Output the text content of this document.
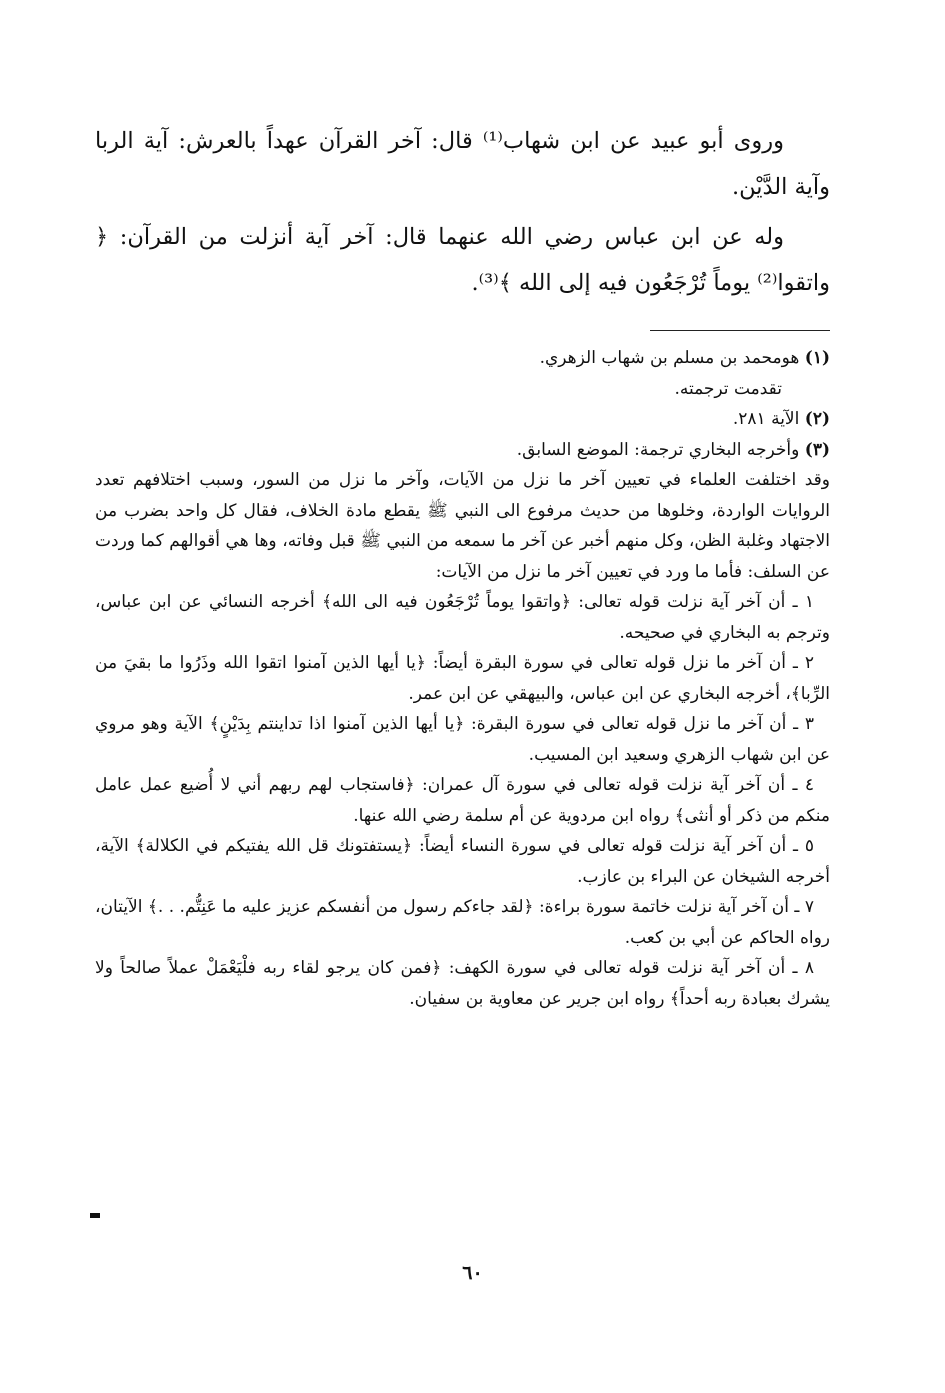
وروى أبو عبيد عن ابن شهاب⁽¹⁾ قال: آخر القرآن عهداً بالعرش: آية الربا وآية الدَّيْن.

وله عن ابن عباس رضي الله عنهما قال: آخر آية أنزلت من القرآن: ﴿ واتقوا⁽²⁾ يوماً تُرْجَعُون فيه إلى الله ﴾⁽³⁾.

(١) هومحمد بن مسلم بن شهاب الزهري.

تقدمت ترجمته.

(٢) الآية ٢٨١.

(٣) وأخرجه البخاري ترجمة: الموضع السابق.

وقد اختلفت العلماء في تعيين آخر ما نزل من الآيات، وآخر ما نزل من السور، وسبب اختلافهم تعدد الروايات الواردة، وخلوها من حديث مرفوع الى النبي ﷺ يقطع مادة الخلاف، فقال كل واحد بضرب من الاجتهاد وغلبة الظن، وكل منهم أخبر عن آخر ما سمعه من النبي ﷺ قبل وفاته، وها هي أقوالهم كما وردت عن السلف: فأما ما ورد في تعيين آخر ما نزل من الآيات:

١ ـ أن آخر آية نزلت قوله تعالى: ﴿واتقوا يوماً تُرْجَعُون فيه الى الله﴾ أخرجه النسائي عن ابن عباس، وترجم به البخاري في صحيحه.

٢ ـ أن آخر ما نزل قوله تعالى في سورة البقرة أيضاً: ﴿يا أيها الذين آمنوا اتقوا الله وذَرُوا ما بقيَ من الرِّبا﴾، أخرجه البخاري عن ابن عباس، والبيهقي عن ابن عمر.

٣ ـ أن آخر ما نزل قوله تعالى في سورة البقرة: ﴿يا أيها الذين آمنوا اذا تداينتم بِدَيْنٍ﴾ الآية وهو مروي عن ابن شهاب الزهري وسعيد ابن المسيب.

٤ ـ أن آخر آية نزلت قوله تعالى في سورة آل عمران: ﴿فاستجاب لهم ربهم أني لا أُضيع عمل عامل منكم من ذكر أو أنثى﴾ رواه ابن مردوية عن أم سلمة رضي الله عنها.

٥ ـ أن آخر آية نزلت قوله تعالى في سورة النساء أيضاً: ﴿يستفتونك قل الله يفتيكم في الكلالة﴾ الآية، أخرجه الشيخان عن البراء بن عازب.

٧ ـ أن آخر آية نزلت خاتمة سورة براءة: ﴿لقد جاءكم رسول من أنفسكم عزيز عليه ما عَنِتُّم. . .﴾ الآيتان، رواه الحاكم عن أبي بن كعب.

٨ ـ أن آخر آية نزلت قوله تعالى في سورة الكهف: ﴿فمن كان يرجو لقاء ربه فلْيَعْمَلْ عملاً صالحاً ولا يشرك بعبادة ربه أحداً﴾ رواه ابن جرير عن معاوية بن سفيان.

٦٠
